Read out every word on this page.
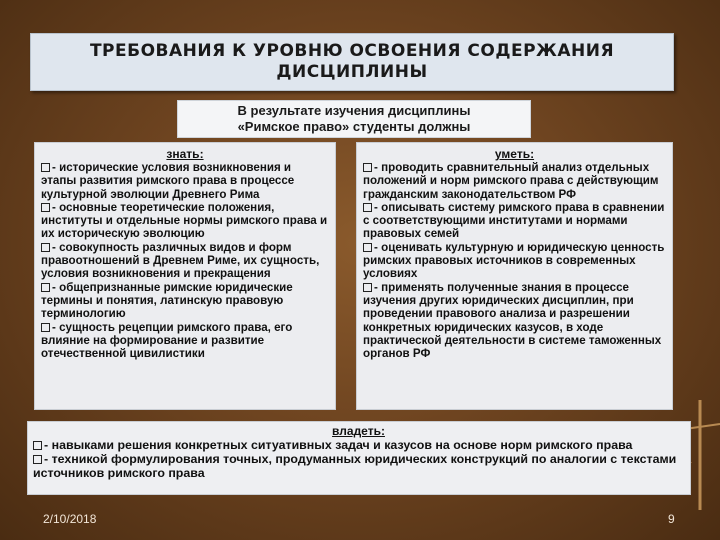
ТРЕБОВАНИЯ К УРОВНЮ ОСВОЕНИЯ СОДЕРЖАНИЯ
ДИСЦИПЛИНЫ
В результате изучения дисциплины
«Римское право» студенты должны
знать:

- исторические условия возникновения и этапы развития римского права в процессе культурной эволюции Древнего Рима

- основные теоретические положения, институты и отдельные нормы римского права и их историческую эволюцию

- совокупность различных видов и форм правоотношений в Древнем Риме, их сущность, условия возникновения и прекращения

- общепризнанные римские юридические термины и понятия, латинскую правовую терминологию

- сущность рецепции римского права, его влияние на формирование и развитие отечественной цивилистики

уметь:

- проводить сравнительный анализ отдельных положений и норм римского права с действующим гражданским законодательством РФ

- описывать систему римского права в сравнении с соответствующими институтами и нормами правовых семей

- оценивать культурную и юридическую ценность римских правовых источников в современных условиях

- применять полученные знания в процессе изучения других юридических дисциплин, при проведении правового анализа и разрешении конкретных юридических казусов, в ходе практической деятельности в системе таможенных органов РФ

владеть:

- навыками решения конкретных ситуативных задач и казусов на основе норм римского права

- техникой формулирования точных, продуманных юридических конструкций по аналогии с текстами источников римского права

2/10/2018	9
